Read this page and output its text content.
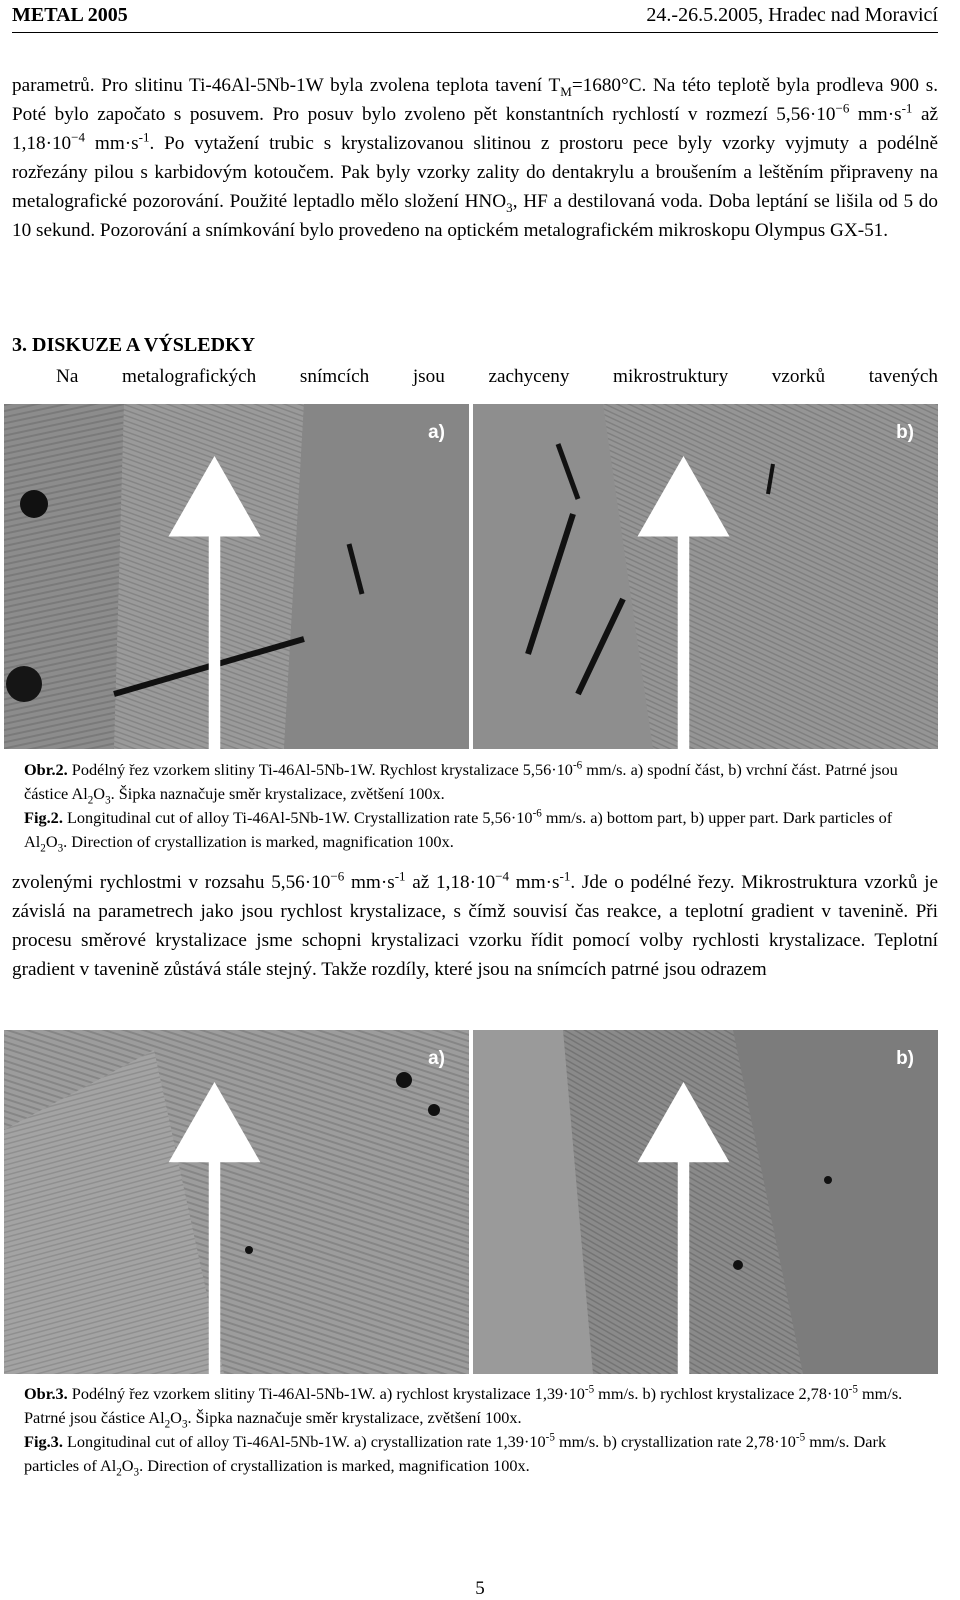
METAL 2005	24.-26.5.2005, Hradec nad Moravicí

parametrů. Pro slitinu Ti-46Al-5Nb-1W byla zvolena teplota tavení $T_M=1680^\circ C$. Na této teplotě byla prodleva 900 s. Poté bylo započato s posuvem. Pro posuv bylo zvoleno pět konstantních rychlostí v rozmezí $5,56\cdot 10^{-6}$ $mm\cdot s^{-1}$ až $1,18\cdot 10^{-4}$ $mm\cdot s^{-1}$. Po vytažení trubic s krystalizovanou slitinou z prostoru pece byly vzorky vyjmuty a podélně rozřezány pilou s karbidovým kotoučem. Pak byly vzorky zality do dentakrylu a broušením a leštěním připraveny na metalografické pozorování. Použité leptadlo mělo složení $HNO_3$, HF a destilovaná voda. Doba leptání se lišila od 5 do 10 sekund. Pozorování a snímkování bylo provedeno na optickém metalografickém mikroskopu Olympus GX-51.

3. DISKUZE A VÝSLEDKY
Na metalografických snímcích jsou zachyceny mikrostruktury vzorků tavených
a)	b)

Obr.2. Podélný řez vzorkem slitiny Ti-46Al-5Nb-1W. Rychlost krystalizace $5,56\cdot 10^{-6}$ mm/s. a) spodní část, b) vrchní část. Patrné jsou částice $Al_2O_3$. Šipka naznačuje směr krystalizace, zvětšení 100x.

Fig.2. Longitudinal cut of alloy Ti-46Al-5Nb-1W. Crystallization rate $5,56\cdot 10^{-6}$ mm/s. a) bottom part, b) upper part. Dark particles of $Al_2O_3$. Direction of crystallization is marked, magnification 100x.

zvolenými rychlostmi v rozsahu $5,56\cdot 10^{-6}$ $mm\cdot s^{-1}$ až $1,18\cdot 10^{-4}$ $mm\cdot s^{-1}$. Jde o podélné řezy. Mikrostruktura vzorků je závislá na parametrech jako jsou rychlost krystalizace, s čímž souvisí čas reakce, a teplotní gradient v tavenině. Při procesu směrové krystalizace jsme schopni krystalizaci vzorku řídit pomocí volby rychlosti krystalizace. Teplotní gradient v tavenině zůstává stále stejný. Takže rozdíly, které jsou na snímcích patrné jsou odrazem

a)	b)

Obr.3. Podélný řez vzorkem slitiny Ti-46Al-5Nb-1W. a) rychlost krystalizace $1,39\cdot 10^{-5}$ mm/s. b) rychlost krystalizace $2,78\cdot 10^{-5}$ mm/s. Patrné jsou částice $Al_2O_3$. Šipka naznačuje směr krystalizace, zvětšení 100x.

Fig.3. Longitudinal cut of alloy Ti-46Al-5Nb-1W. a) crystallization rate $1,39\cdot 10^{-5}$ mm/s. b) crystallization rate $2,78\cdot 10^{-5}$ mm/s. Dark particles of $Al_2O_3$. Direction of crystallization is marked, magnification 100x.

5
